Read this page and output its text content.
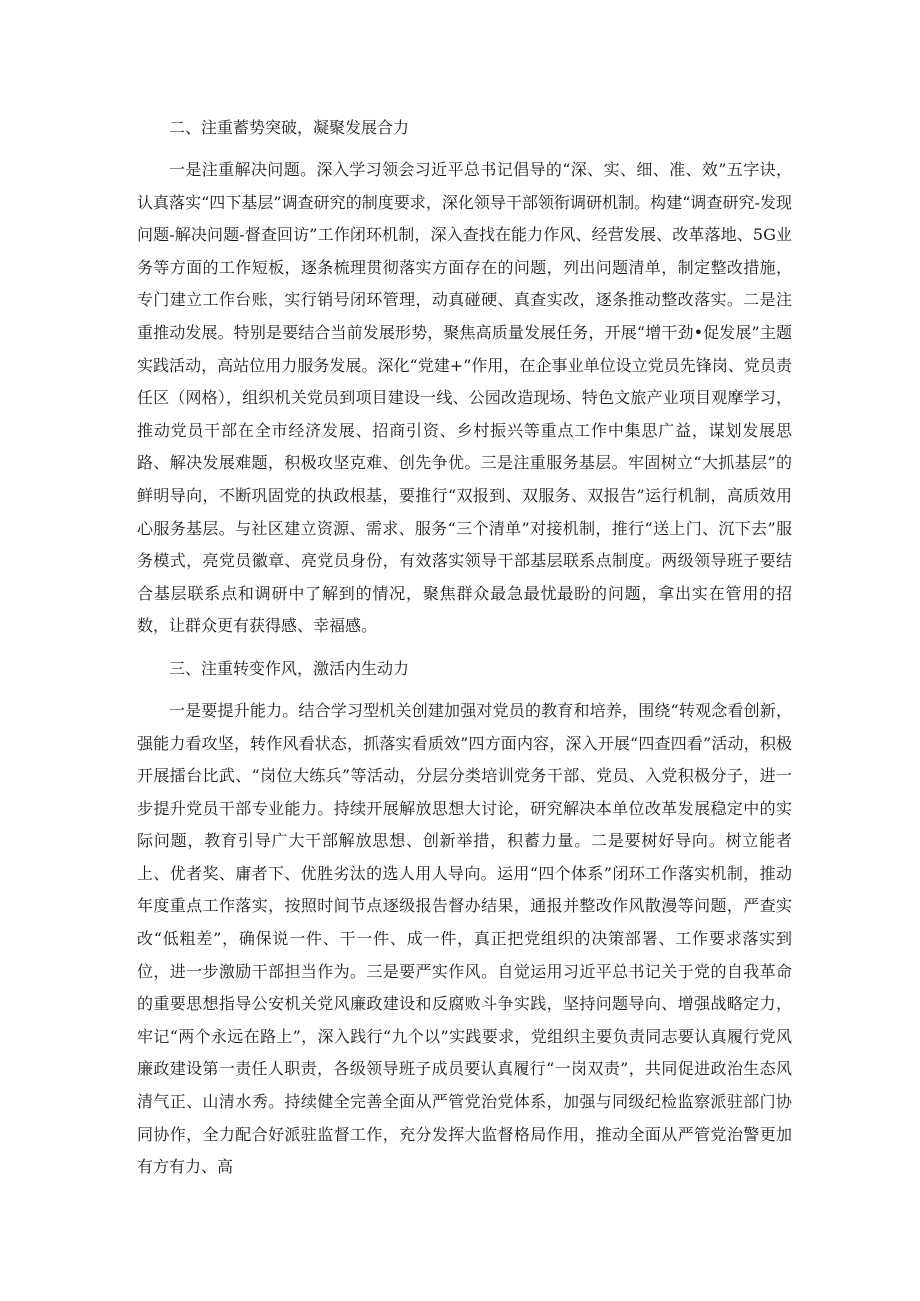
二、注重蓄势突破，凝聚发展合力

一是注重解决问题。深入学习领会习近平总书记倡导的“深、实、细、准、效”五字诀，认真落实“四下基层”调查研究的制度要求，深化领导干部领衔调研机制。构建“调查研究-发现问题-解决问题-督查回访”工作闭环机制，深入查找在能力作风、经营发展、改革落地、5G业务等方面的工作短板，逐条梳理贯彻落实方面存在的问题，列出问题清单，制定整改措施，专门建立工作台账，实行销号闭环管理，动真碰硬、真查实改，逐条推动整改落实。二是注重推动发展。特别是要结合当前发展形势，聚焦高质量发展任务，开展“增干劲•促发展”主题实践活动，高站位用力服务发展。深化“党建+”作用，在企事业单位设立党员先锋岗、党员责任区（网格），组织机关党员到项目建设一线、公园改造现场、特色文旅产业项目观摩学习，推动党员干部在全市经济发展、招商引资、乡村振兴等重点工作中集思广益，谋划发展思路、解决发展难题，积极攻坚克难、创先争优。三是注重服务基层。牢固树立“大抓基层”的鲜明导向，不断巩固党的执政根基，要推行“双报到、双服务、双报告”运行机制，高质效用心服务基层。与社区建立资源、需求、服务“三个清单”对接机制，推行“送上门、沉下去”服务模式，亮党员徽章、亮党员身份，有效落实领导干部基层联系点制度。两级领导班子要结合基层联系点和调研中了解到的情况，聚焦群众最急最忧最盼的问题，拿出实在管用的招数，让群众更有获得感、幸福感。

三、注重转变作风，激活内生动力

一是要提升能力。结合学习型机关创建加强对党员的教育和培养，围绕“转观念看创新，强能力看攻坚，转作风看状态，抓落实看质效”四方面内容，深入开展“四查四看”活动，积极开展擂台比武、“岗位大练兵”等活动，分层分类培训党务干部、党员、入党积极分子，进一步提升党员干部专业能力。持续开展解放思想大讨论，研究解决本单位改革发展稳定中的实际问题，教育引导广大干部解放思想、创新举措，积蓄力量。二是要树好导向。树立能者上、优者奖、庸者下、优胜劣汰的选人用人导向。运用“四个体系”闭环工作落实机制，推动年度重点工作落实，按照时间节点逐级报告督办结果，通报并整改作风散漫等问题，严查实改“低粗差”，确保说一件、干一件、成一件，真正把党组织的决策部署、工作要求落实到位，进一步激励干部担当作为。三是要严实作风。自觉运用习近平总书记关于党的自我革命的重要思想指导公安机关党风廉政建设和反腐败斗争实践，坚持问题导向、增强战略定力，牢记“两个永远在路上”，深入践行“九个以”实践要求，党组织主要负责同志要认真履行党风廉政建设第一责任人职责，各级领导班子成员要认真履行“一岗双责”，共同促进政治生态风清气正、山清水秀。持续健全完善全面从严管党治党体系，加强与同级纪检监察派驻部门协同协作，全力配合好派驻监督工作，充分发挥大监督格局作用，推动全面从严管党治警更加有方有力、高
